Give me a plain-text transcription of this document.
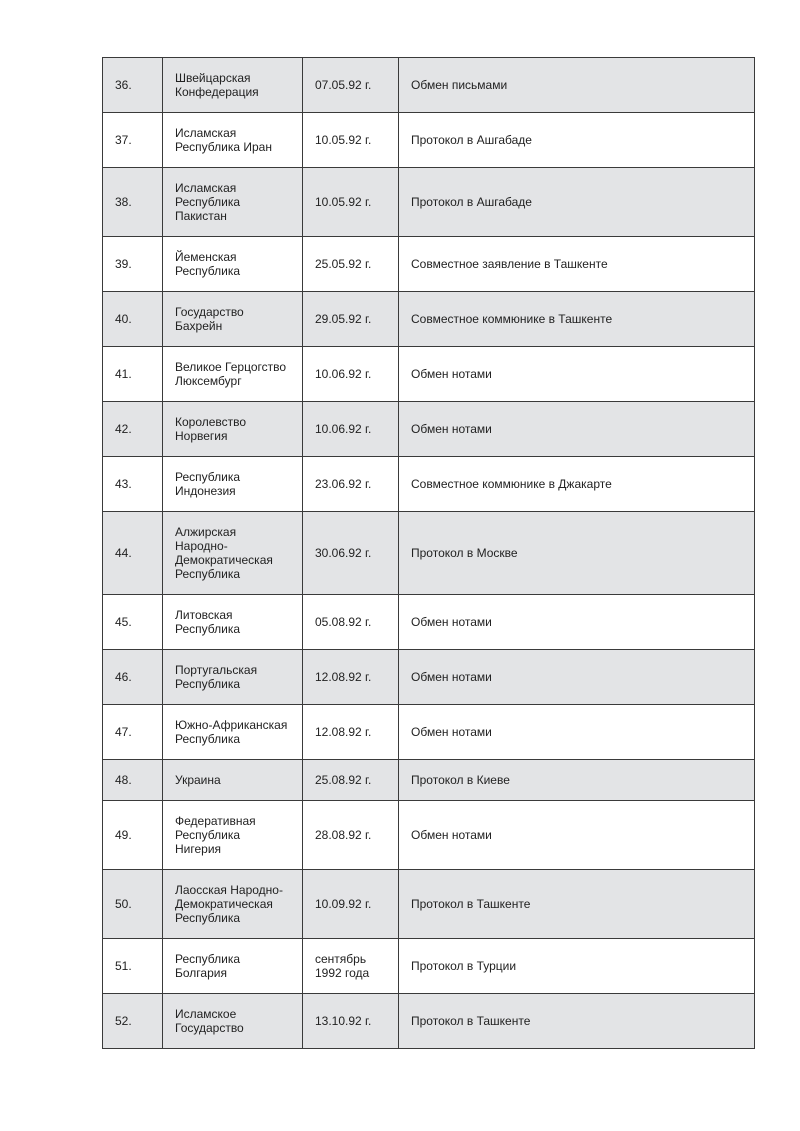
36.	Швейцарская
Конфедерация	07.05.92 г.	Обмен письмами
37.	Исламская
Республика Иран	10.05.92 г.	Протокол в Ашгабаде
38.	Исламская
Республика
Пакистан	10.05.92 г.	Протокол в Ашгабаде
39.	Йеменская
Республика	25.05.92 г.	Совместное заявление в Ташкенте
40.	Государство
Бахрейн	29.05.92 г.	Совместное коммюнике в Ташкенте
41.	Великое Герцогство
Люксембург	10.06.92 г.	Обмен нотами
42.	Королевство
Норвегия	10.06.92 г.	Обмен нотами
43.	Республика
Индонезия	23.06.92 г.	Совместное коммюнике в Джакарте
44.	Алжирская
Народно-
Демократическая
Республика	30.06.92 г.	Протокол в Москве
45.	Литовская
Республика	05.08.92 г.	Обмен нотами
46.	Португальская
Республика	12.08.92 г.	Обмен нотами
47.	Южно-Африканская
Республика	12.08.92 г.	Обмен нотами
48.	Украина	25.08.92 г.	Протокол в Киеве
49.	Федеративная
Республика
Нигерия	28.08.92 г.	Обмен нотами
50.	Лаосская Народно-
Демократическая
Республика	10.09.92 г.	Протокол в Ташкенте
51.	Республика
Болгария	сентябрь
1992 года	Протокол в Турции
52.	Исламское
Государство	13.10.92 г.	Протокол в Ташкенте
